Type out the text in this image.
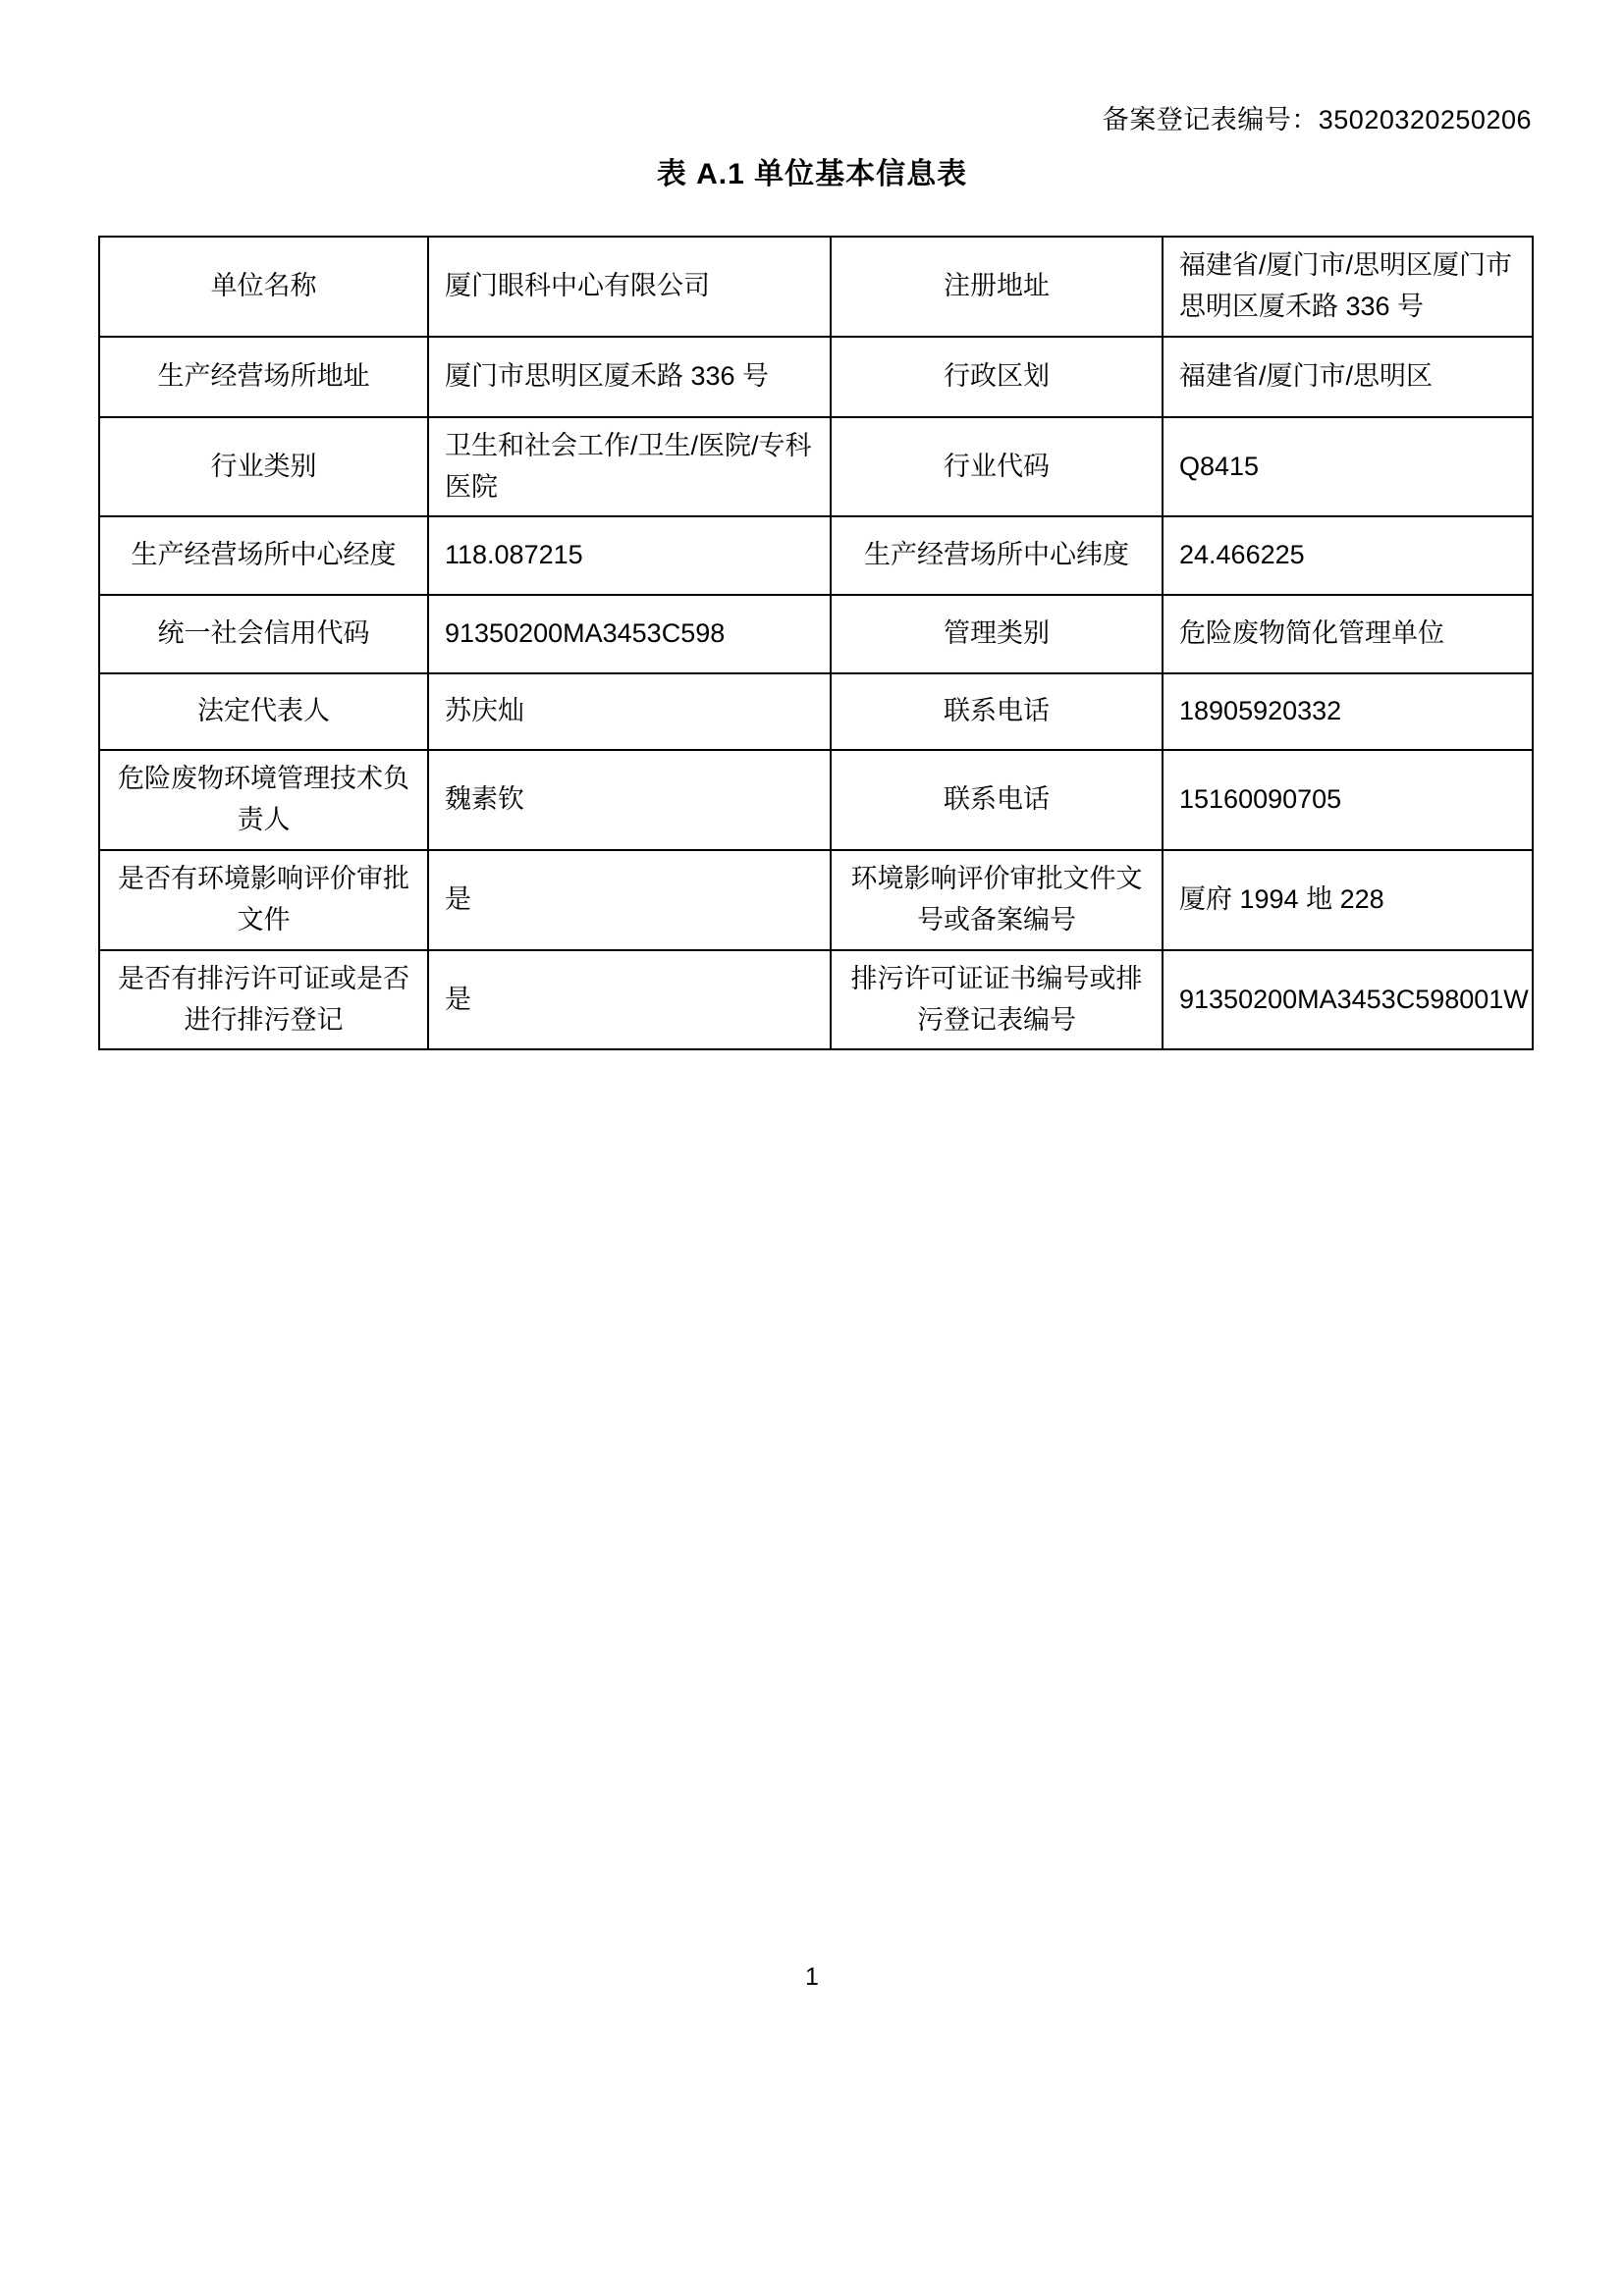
备案登记表编号：35020320250206
表 A.1 单位基本信息表
单位名称	厦门眼科中心有限公司	注册地址	福建省/厦门市/思明区厦门市思明区厦禾路 336 号
生产经营场所地址	厦门市思明区厦禾路 336 号	行政区划	福建省/厦门市/思明区
行业类别	卫生和社会工作/卫生/医院/专科医院	行业代码	Q8415
生产经营场所中心经度	118.087215	生产经营场所中心纬度	24.466225
统一社会信用代码	91350200MA3453C598	管理类别	危险废物简化管理单位
法定代表人	苏庆灿	联系电话	18905920332
危险废物环境管理技术负责人	魏素钦	联系电话	15160090705
是否有环境影响评价审批文件	是	环境影响评价审批文件文号或备案编号	厦府 1994 地 228
是否有排污许可证或是否进行排污登记	是	排污许可证证书编号或排污登记表编号	91350200MA3453C598001W
1
